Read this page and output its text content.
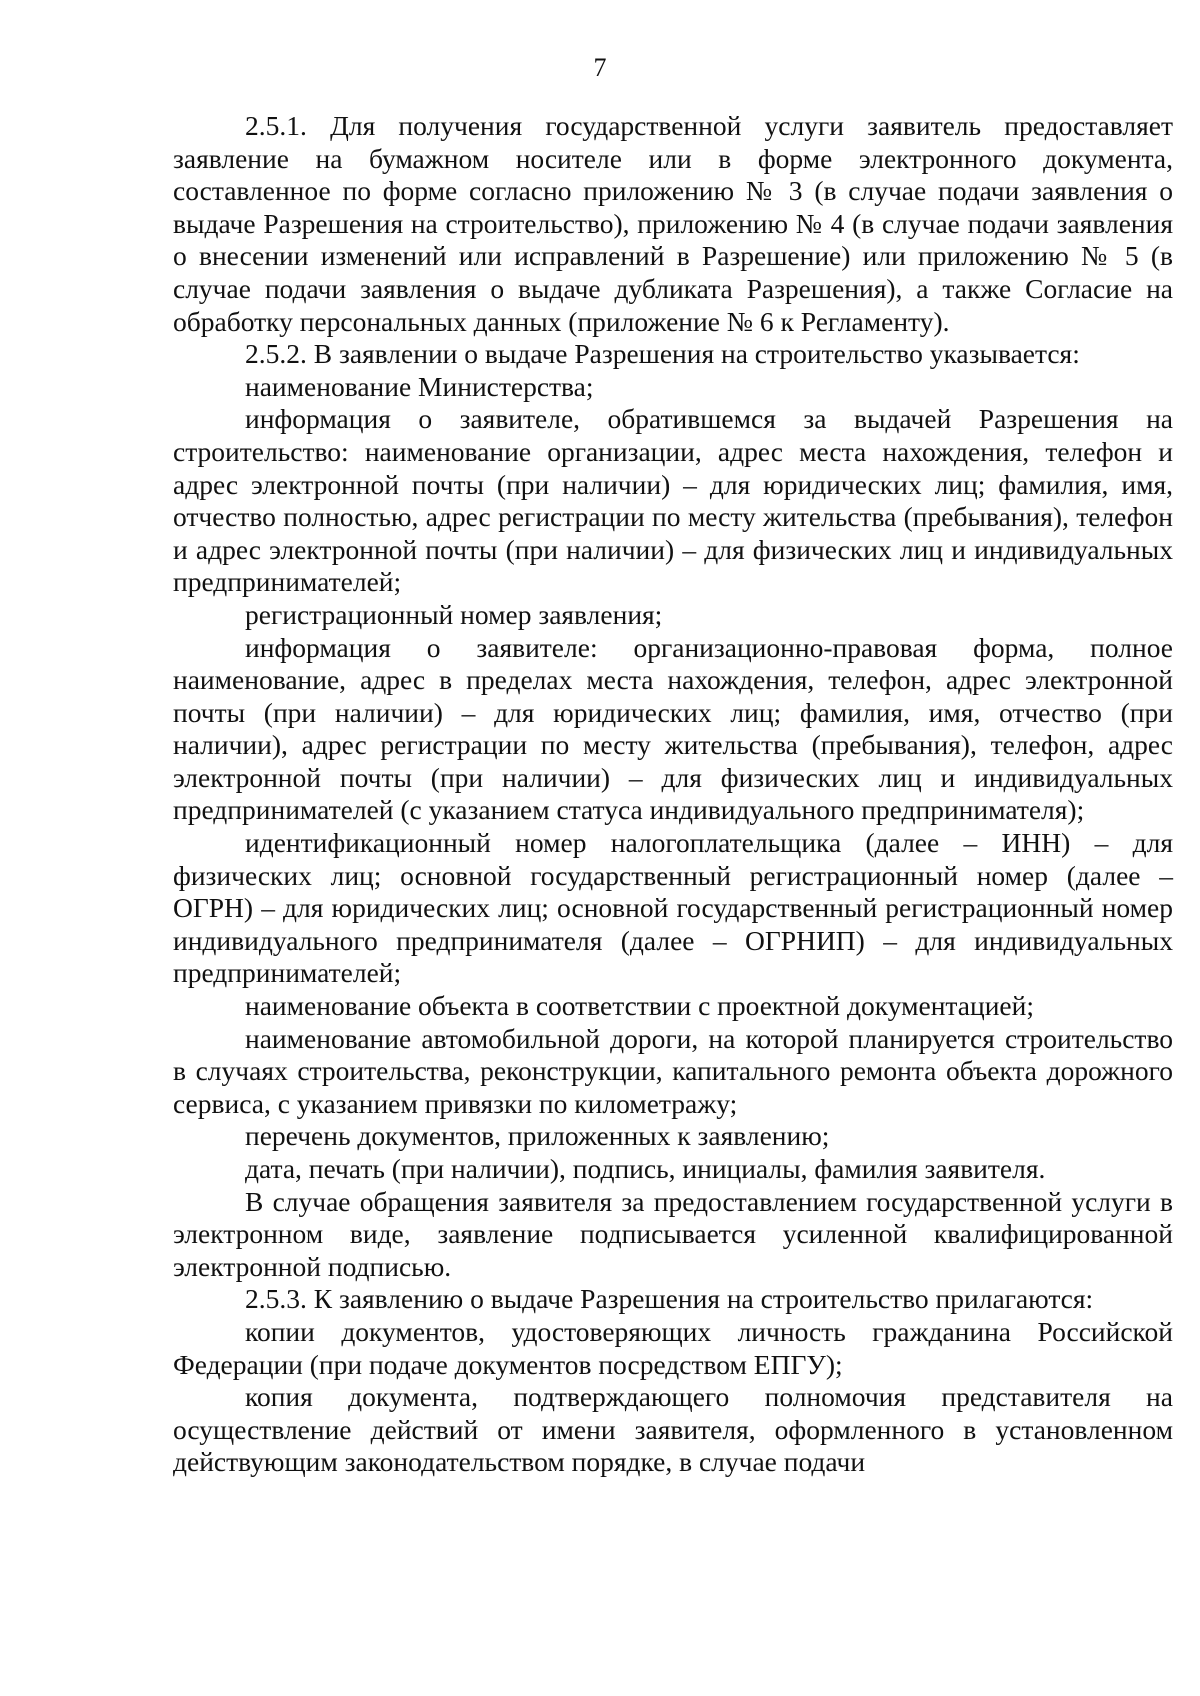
7

2.5.1. Для получения государственной услуги заявитель предоставляет заявление на бумажном носителе или в форме электронного документа, составленное по форме согласно приложению № 3 (в случае подачи заявления о выдаче Разрешения на строительство), приложению № 4 (в случае подачи заявления о внесении изменений или исправлений в Разрешение) или приложению № 5 (в случае подачи заявления о выдаче дубликата Разрешения), а также Согласие на обработку персональных данных (приложение № 6 к Регламенту).

2.5.2. В заявлении о выдаче Разрешения на строительство указывается:

наименование Министерства;

информация о заявителе, обратившемся за выдачей Разрешения на строительство: наименование организации, адрес места нахождения, телефон и адрес электронной почты (при наличии) – для юридических лиц; фамилия, имя, отчество полностью, адрес регистрации по месту жительства (пребывания), телефон и адрес электронной почты (при наличии) – для физических лиц и индивидуальных предпринимателей;

регистрационный номер заявления;

информация о заявителе: организационно-правовая форма, полное наименование, адрес в пределах места нахождения, телефон, адрес электронной почты (при наличии) – для юридических лиц; фамилия, имя, отчество (при наличии), адрес регистрации по месту жительства (пребывания), телефон, адрес электронной почты (при наличии) – для физических лиц и индивидуальных предпринимателей (с указанием статуса индивидуального предпринимателя);

идентификационный номер налогоплательщика (далее – ИНН) – для физических лиц; основной государственный регистрационный номер (далее – ОГРН) – для юридических лиц; основной государственный регистрационный номер индивидуального предпринимателя (далее – ОГРНИП) – для индивидуальных предпринимателей;

наименование объекта в соответствии с проектной документацией;

наименование автомобильной дороги, на которой планируется строительство в случаях строительства, реконструкции, капитального ремонта объекта дорожного сервиса, с указанием привязки по километражу;

перечень документов, приложенных к заявлению;

дата, печать (при наличии), подпись, инициалы, фамилия заявителя.

В случае обращения заявителя за предоставлением государственной услуги в электронном виде, заявление подписывается усиленной квалифицированной электронной подписью.

2.5.3. К заявлению о выдаче Разрешения на строительство прилагаются:

копии документов, удостоверяющих личность гражданина Российской Федерации (при подаче документов посредством ЕПГУ);

копия документа, подтверждающего полномочия представителя на осуществление действий от имени заявителя, оформленного в установленном действующим законодательством порядке, в случае подачи
